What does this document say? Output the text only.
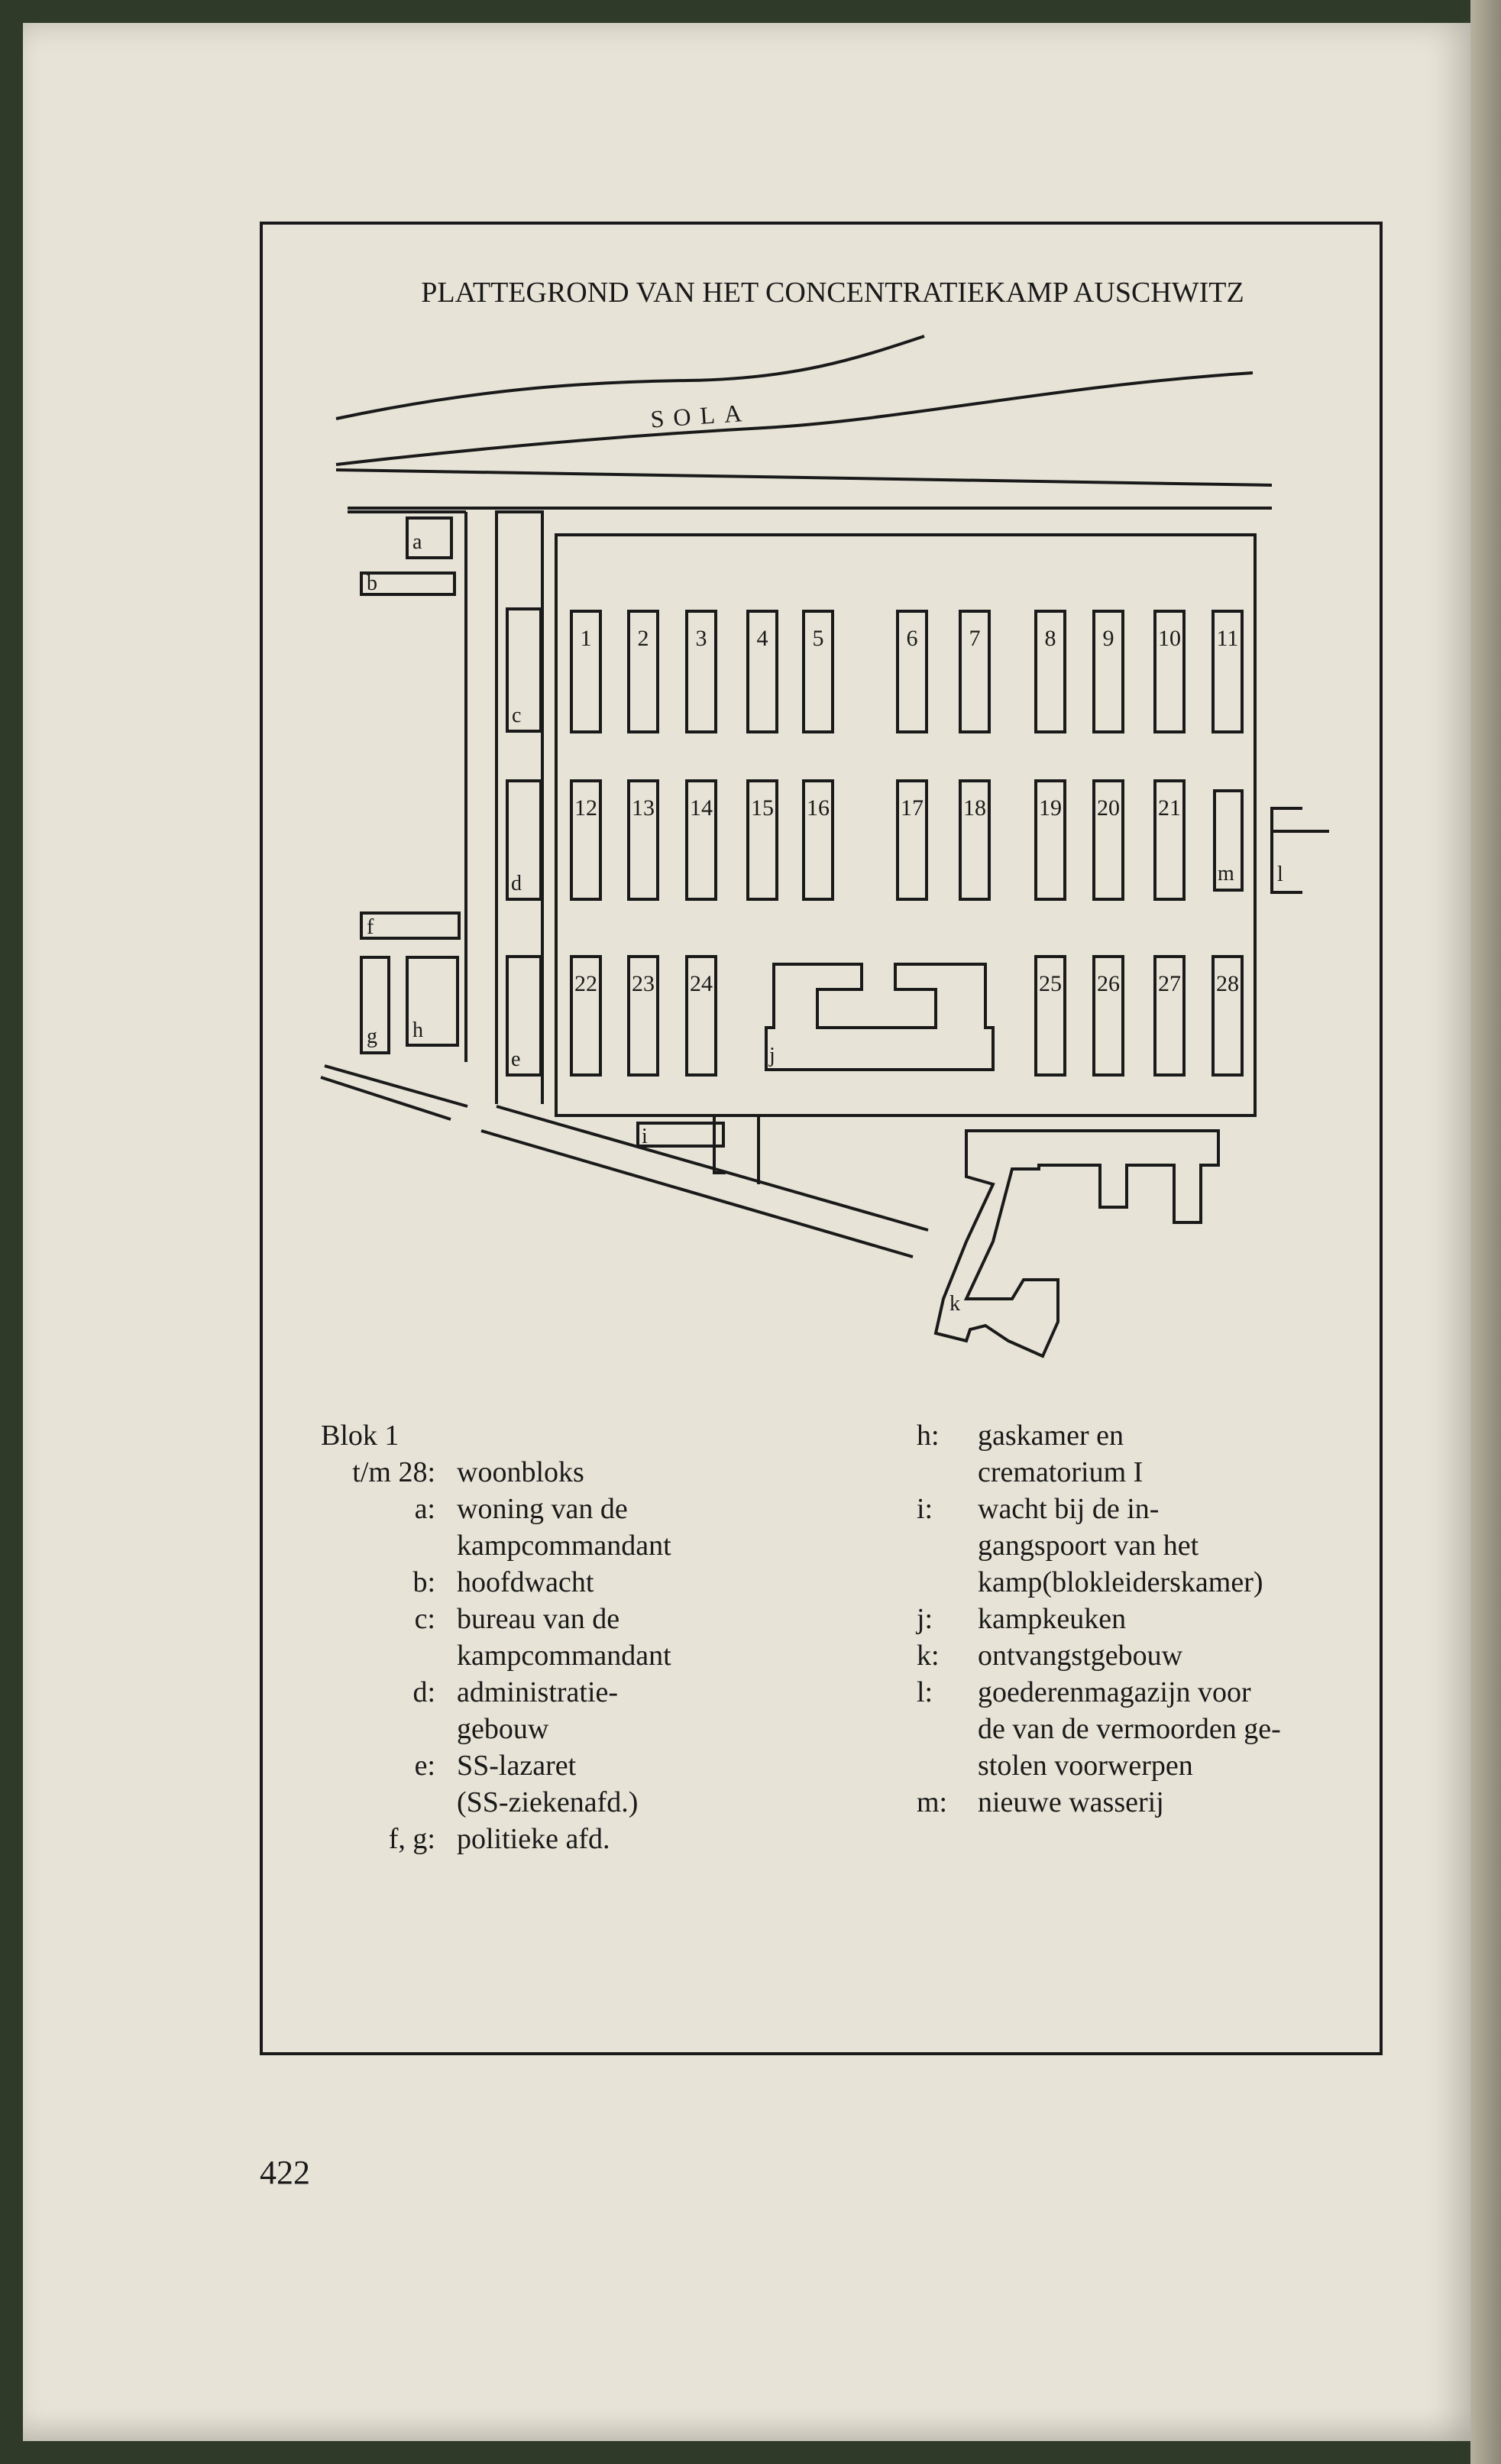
PLATTEGROND VAN HET CONCENTRATIEKAMP AUSCHWITZ
SOLA
1 2 3 4 5	6 7	8 9 10 11
12 13 14 15 16	17 18 19 20 21
22 23 24	25 26 27 28
a
b
c
d
e
f
g h
i
j
k
l
m
Blok 1
t/m 28: woonbloks
a: woning van de
kampcommandant
b: hoofdwacht
c: bureau van de
kampcommandant
d: administratie-
gebouw
e: SS-lazaret
(SS-ziekenafd.)
f, g: politieke afd.
h:	gaskamer en
crematorium I
i:	wacht bij de in-
gangspoort van het
kamp(blokleiderskamer)
j:	kampkeuken
k:	ontvangstgebouw
l:	goederenmagazijn voor
de van de vermoorden ge-
stolen voorwerpen
m:	nieuwe wasserij
422
